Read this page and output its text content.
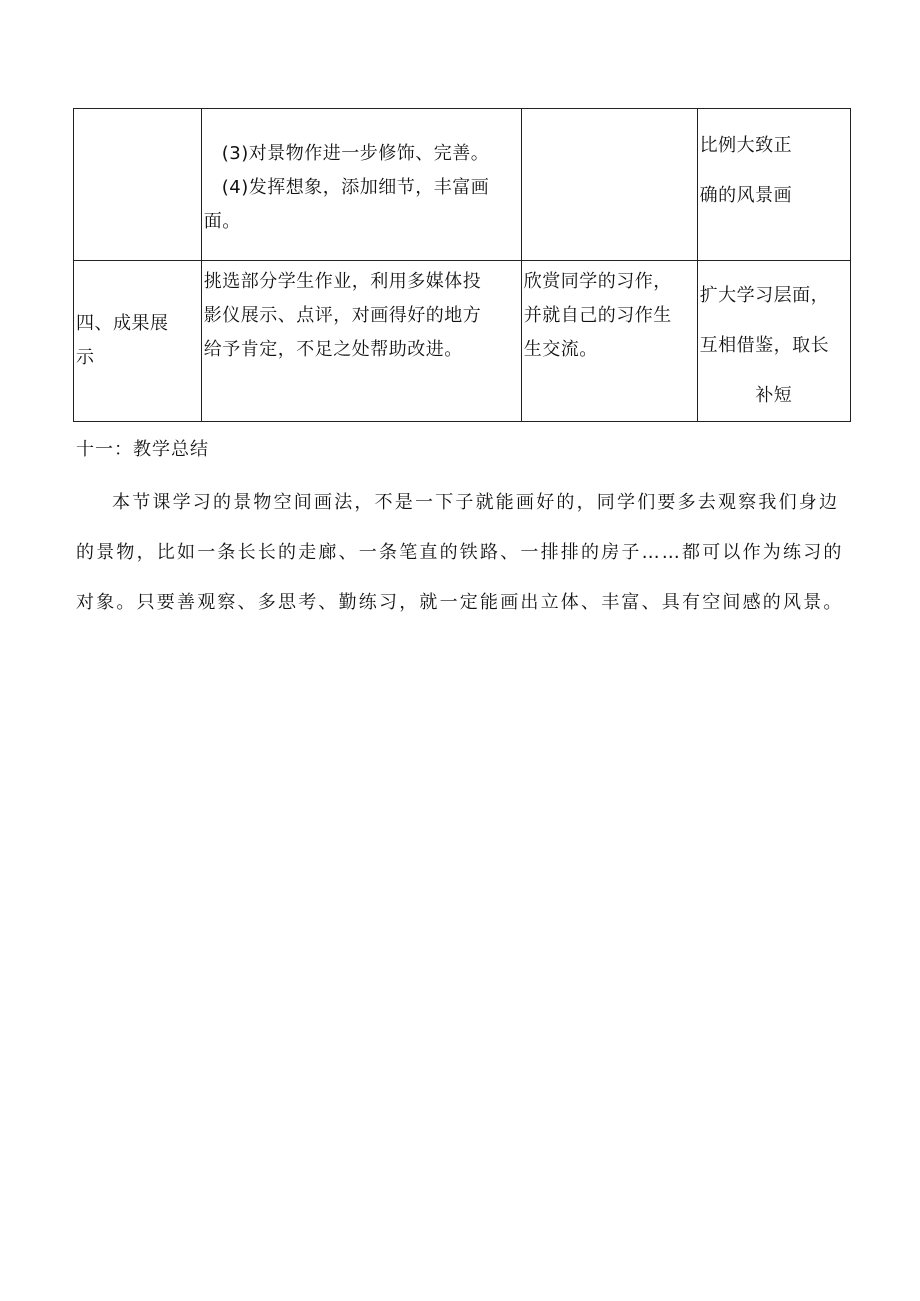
	(3)对景物作进一步修饰、完善。
(4)发挥想象，添加细节，丰富画
面。		比例大致正
确的风景画

四、成果展
示	挑选部分学生作业，利用多媒体投
影仪展示、点评，对画得好的地方
给予肯定，不足之处帮助改进。	欣赏同学的习作，
并就自己的习作生
生交流。	扩大学习层面，
互相借鉴，取长
补短

十一：教学总结

本节课学习的景物空间画法，不是一下子就能画好的，同学们要多去观察我们身边的景物，比如一条长长的走廊、一条笔直的铁路、一排排的房子……都可以作为练习的对象。只要善观察、多思考、勤练习，就一定能画出立体、丰富、具有空间感的风景。
